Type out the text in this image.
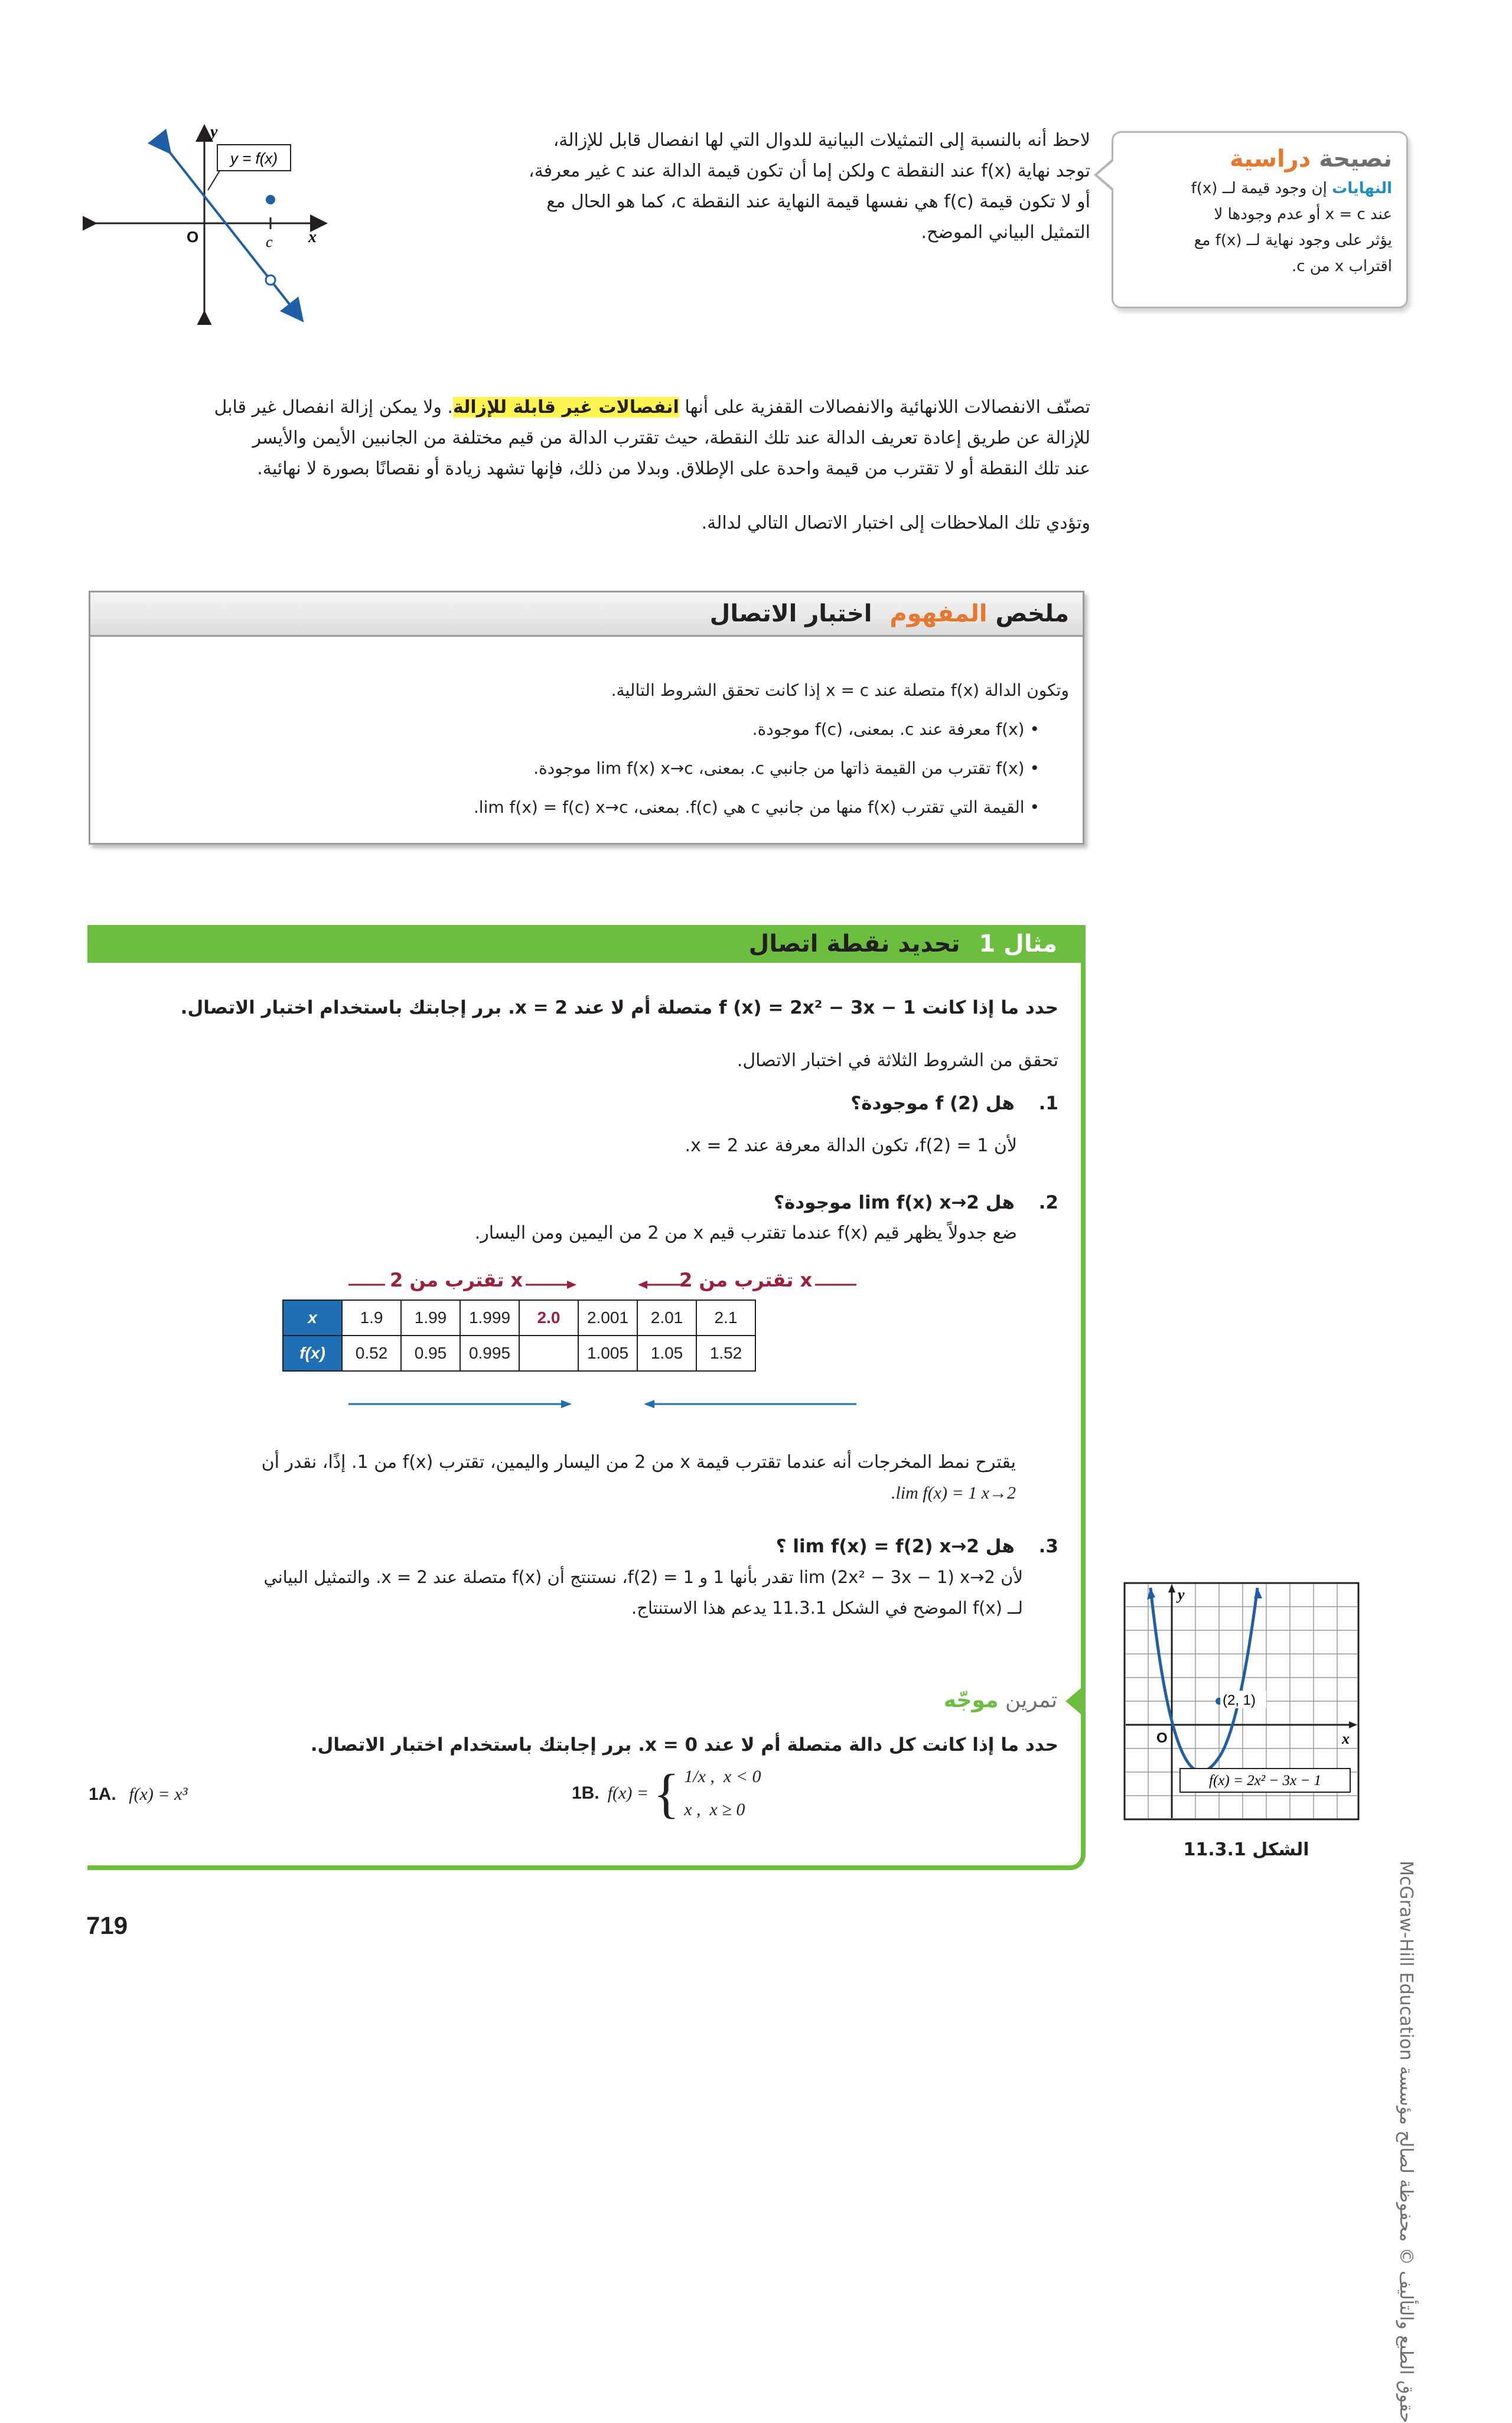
لاحظ أنه بالنسبة إلى التمثيلات البيانية للدوال التي لها انفصال قابل للإزالة،
توجد نهاية f(x) عند النقطة c ولكن إما أن تكون قيمة الدالة عند c غير معرفة،
أو لا تكون قيمة f(c) هي نفسها قيمة النهاية عند النقطة c، كما هو الحال مع
التمثيل البياني الموضح.
y = f(x)
y
x
O	c
نصيحة دراسية
النهايات إن وجود قيمة لــ f(x)
عند x = c أو عدم وجودها لا
يؤثر على وجود نهاية لــ f(x) مع
اقتراب x من c.
تصنّف الانفصالات اللانهائية والانفصالات القفزية على أنها انفصالات غير قابلة للإزالة. ولا يمكن إزالة انفصال غير قابل
للإزالة عن طريق إعادة تعريف الدالة عند تلك النقطة، حيث تقترب الدالة من قيم مختلفة من الجانبين الأيمن والأيسر
عند تلك النقطة أو لا تقترب من قيمة واحدة على الإطلاق. وبدلا من ذلك، فإنها تشهد زيادة أو نقصانًا بصورة لا نهائية.
وتؤدي تلك الملاحظات إلى اختبار الاتصال التالي لدالة.
ملخص المفهوم اختبار الاتصال
وتكون الدالة f(x) متصلة عند x = c إذا كانت تحقق الشروط التالية.
• f(x) معرفة عند c. بمعنى، f(c) موجودة.
• f(x) تقترب من القيمة ذاتها من جانبي c. بمعنى، lim f(x) x→c موجودة.
• القيمة التي تقترب f(x) منها من جانبي c هي f(c). بمعنى، lim f(x) = f(c) x→c.
مثال 1 تحديد نقطة اتصال
حدد ما إذا كانت f (x) = 2x² − 3x − 1 متصلة أم لا عند x = 2. برر إجابتك باستخدام اختبار الاتصال.
تحقق من الشروط الثلاثة في اختبار الاتصال.
1. هل f (2) موجودة؟
لأن f(2) = 1، تكون الدالة معرفة عند x = 2.
2. هل lim f(x) x→2 موجودة؟
ضع جدولاً يظهر قيم f(x) عندما تقترب قيم x من 2 من اليمين ومن اليسار.
x تقترب من 2	x تقترب من 2
x	1.9	1.99	1.999	2.0	2.001	2.01	2.1
f(x)	0.52	0.95	0.995		1.005	1.05	1.52
يقترح نمط المخرجات أنه عندما تقترب قيمة x من 2 من اليسار واليمين، تقترب f(x) من 1. إذًا، نقدر أن
lim f(x) = 1 x→2.
3. هل lim f(x) = f(2) x→2 ؟
لأن lim (2x² − 3x − 1) x→2 تقدر بأنها 1 و f(2) = 1، نستنتج أن f(x) متصلة عند x = 2. والتمثيل البياني
لــ f(x) الموضح في الشكل 11.3.1 يدعم هذا الاستنتاج.
تمرين موجّه
حدد ما إذا كانت كل دالة متصلة أم لا عند x = 0. برر إجابتك باستخدام اختبار الاتصال.
1A. f(x) = x³	1B. f(x) = { 1/x ,  x < 0
x ,  x ≥ 0
(2, 1)
y
x
O
f(x) = 2x² − 3x − 1
الشكل 11.3.1
719	حقوق الطبع والتأليف © محفوظة لصالح مؤسسة McGraw-Hill Education
